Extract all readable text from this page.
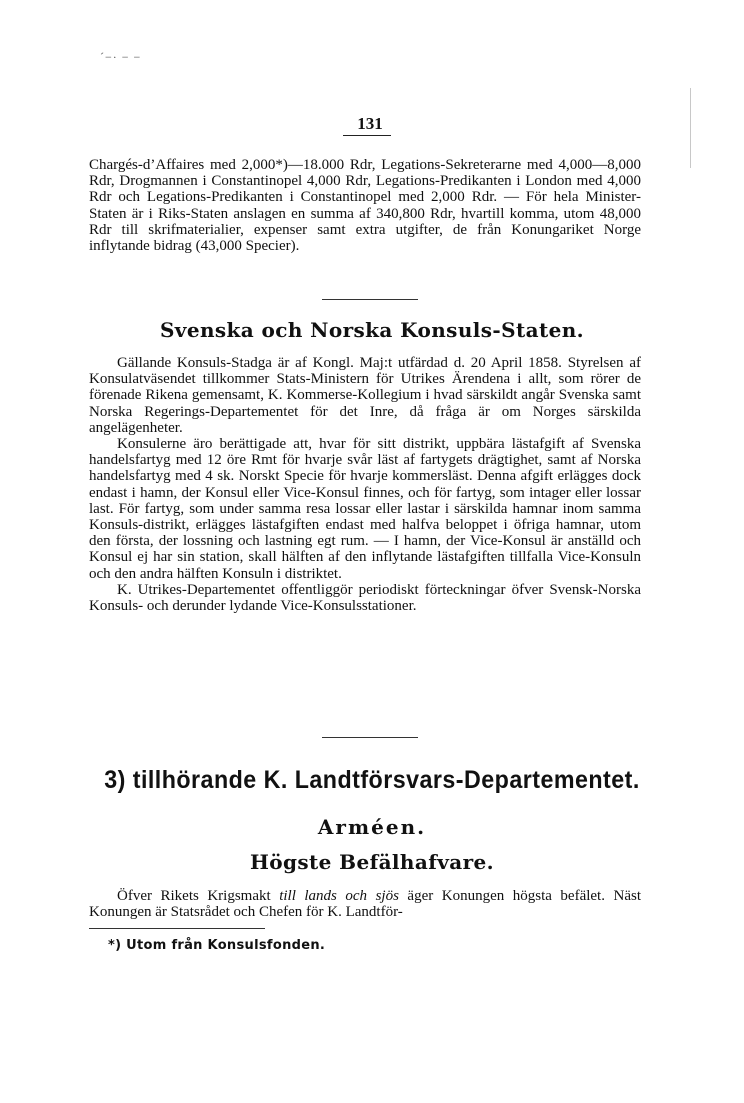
´−· − −
131

Chargés-d’Affaires med 2,000*)—18.000 Rdr, Legations-Sekreterarne med 4,000—8,000 Rdr, Drogmannen i Constantinopel 4,000 Rdr, Legations-Predikanten i London med 4,000 Rdr och Legations-Predikanten i Constantinopel med 2,000 Rdr. — För hela Minister-Staten är i Riks-Staten anslagen en summa af 340,800 Rdr, hvartill komma, utom 48,000 Rdr till skrifmaterialier, expenser samt extra utgifter, de från Konungariket Norge inflytande bidrag (43,000 Specier).

Svenska och Norska Konsuls-Staten.

Gällande Konsuls-Stadga är af Kongl. Maj:t utfärdad d. 20 April 1858. Styrelsen af Konsulatväsendet tillkommer Stats-Ministern för Utrikes Ärendena i allt, som rörer de förenade Rikena gemensamt, K. Kommerse-Kollegium i hvad särskildt angår Svenska samt Norska Regerings-Departementet för det Inre, då fråga är om Norges särskilda angelägenheter.

Konsulerne äro berättigade att, hvar för sitt distrikt, uppbära lästafgift af Svenska handelsfartyg med 12 öre Rmt för hvarje svår läst af fartygets drägtighet, samt af Norska handelsfartyg med 4 sk. Norskt Specie för hvarje kommersläst. Denna afgift erlägges dock endast i hamn, der Konsul eller Vice-Konsul finnes, och för fartyg, som intager eller lossar last. För fartyg, som under samma resa lossar eller lastar i särskilda hamnar inom samma Konsuls-distrikt, erlägges lästafgiften endast med halfva beloppet i öfriga hamnar, utom den första, der lossning och lastning egt rum. — I hamn, der Vice-Konsul är anställd och Konsul ej har sin station, skall hälften af den inflytande lästafgiften tillfalla Vice-Konsuln och den andra hälften Konsuln i distriktet.

K. Utrikes-Departementet offentliggör periodiskt förteckningar öfver Svensk-Norska Konsuls- och derunder lydande Vice-Konsulsstationer.

3) tillhörande K. Landtförsvars-Departementet.
Arméen.
Högste Befälhafvare.

Öfver Rikets Krigsmakt till lands och sjös äger Konungen högsta befälet. Näst Konungen är Statsrådet och Chefen för K. Landtför-

*) Utom från Konsulsfonden.
